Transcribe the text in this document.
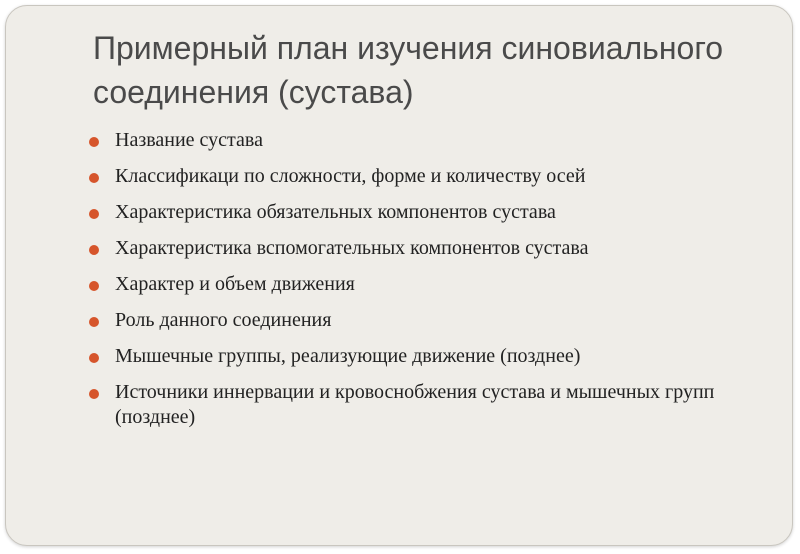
Примерный план изучения синовиального соединения (сустава)
Название сустава
Классификаци по сложности, форме и количеству осей
Характеристика обязательных компонентов сустава
Характеристика вспомогательных компонентов сустава
Характер и объем движения
Роль данного соединения
Мышечные группы, реализующие движение (позднее)
Источники иннервации и кровоснобжения сустава и мышечных групп (позднее)
